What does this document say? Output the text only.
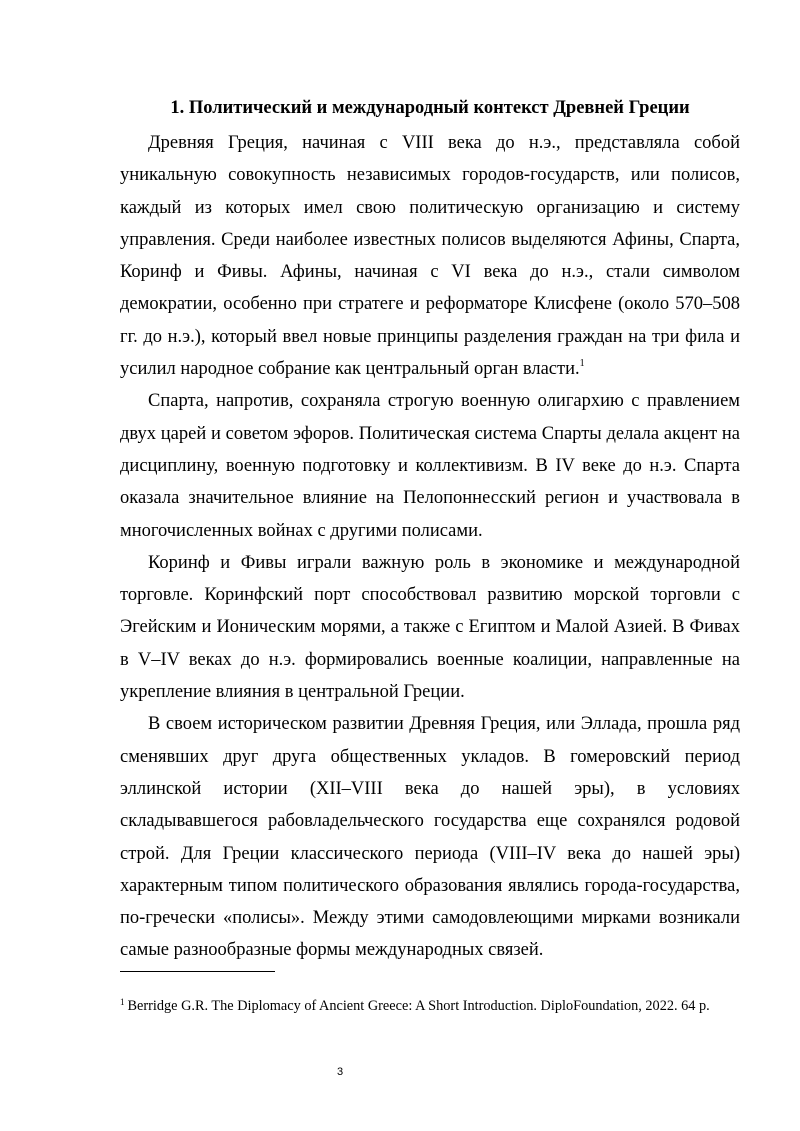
1. Политический и международный контекст Древней Греции

Древняя Греция, начиная с VIII века до н.э., представляла собой уникальную совокупность независимых городов-государств, или полисов, каждый из которых имел свою политическую организацию и систему управления. Среди наиболее известных полисов выделяются Афины, Спарта, Коринф и Фивы. Афины, начиная с VI века до н.э., стали символом демократии, особенно при стратеге и реформаторе Клисфене (около 570–508 гг. до н.э.), который ввел новые принципы разделения граждан на три фила и усилил народное собрание как центральный орган власти.$^1$

Спарта, напротив, сохраняла строгую военную олигархию с правлением двух царей и советом эфоров. Политическая система Спарты делала акцент на дисциплину, военную подготовку и коллективизм. В IV веке до н.э. Спарта оказала значительное влияние на Пелопоннесский регион и участвовала в многочисленных войнах с другими полисами.

Коринф и Фивы играли важную роль в экономике и международной торговле. Коринфский порт способствовал развитию морской торговли с Эгейским и Ионическим морями, а также с Египтом и Малой Азией. В Фивах в V–IV веках до н.э. формировались военные коалиции, направленные на укрепление влияния в центральной Греции.

В своем историческом развитии Древняя Греция, или Эллада, прошла ряд сменявших друг друга общественных укладов. В гомеровский период эллинской истории (XII–VIII века до нашей эры), в условиях складывавшегося рабовладельческого государства еще сохранялся родовой строй. Для Греции классического периода (VIII–IV века до нашей эры) характерным типом политического образования являлись города-государства, по-гречески «полисы». Между этими самодовлеющими мирками возникали самые разнообразные формы международных связей.

$^1$ Berridge G.R. The Diplomacy of Ancient Greece: A Short Introduction. DiploFoundation, 2022. 64 p.
3
